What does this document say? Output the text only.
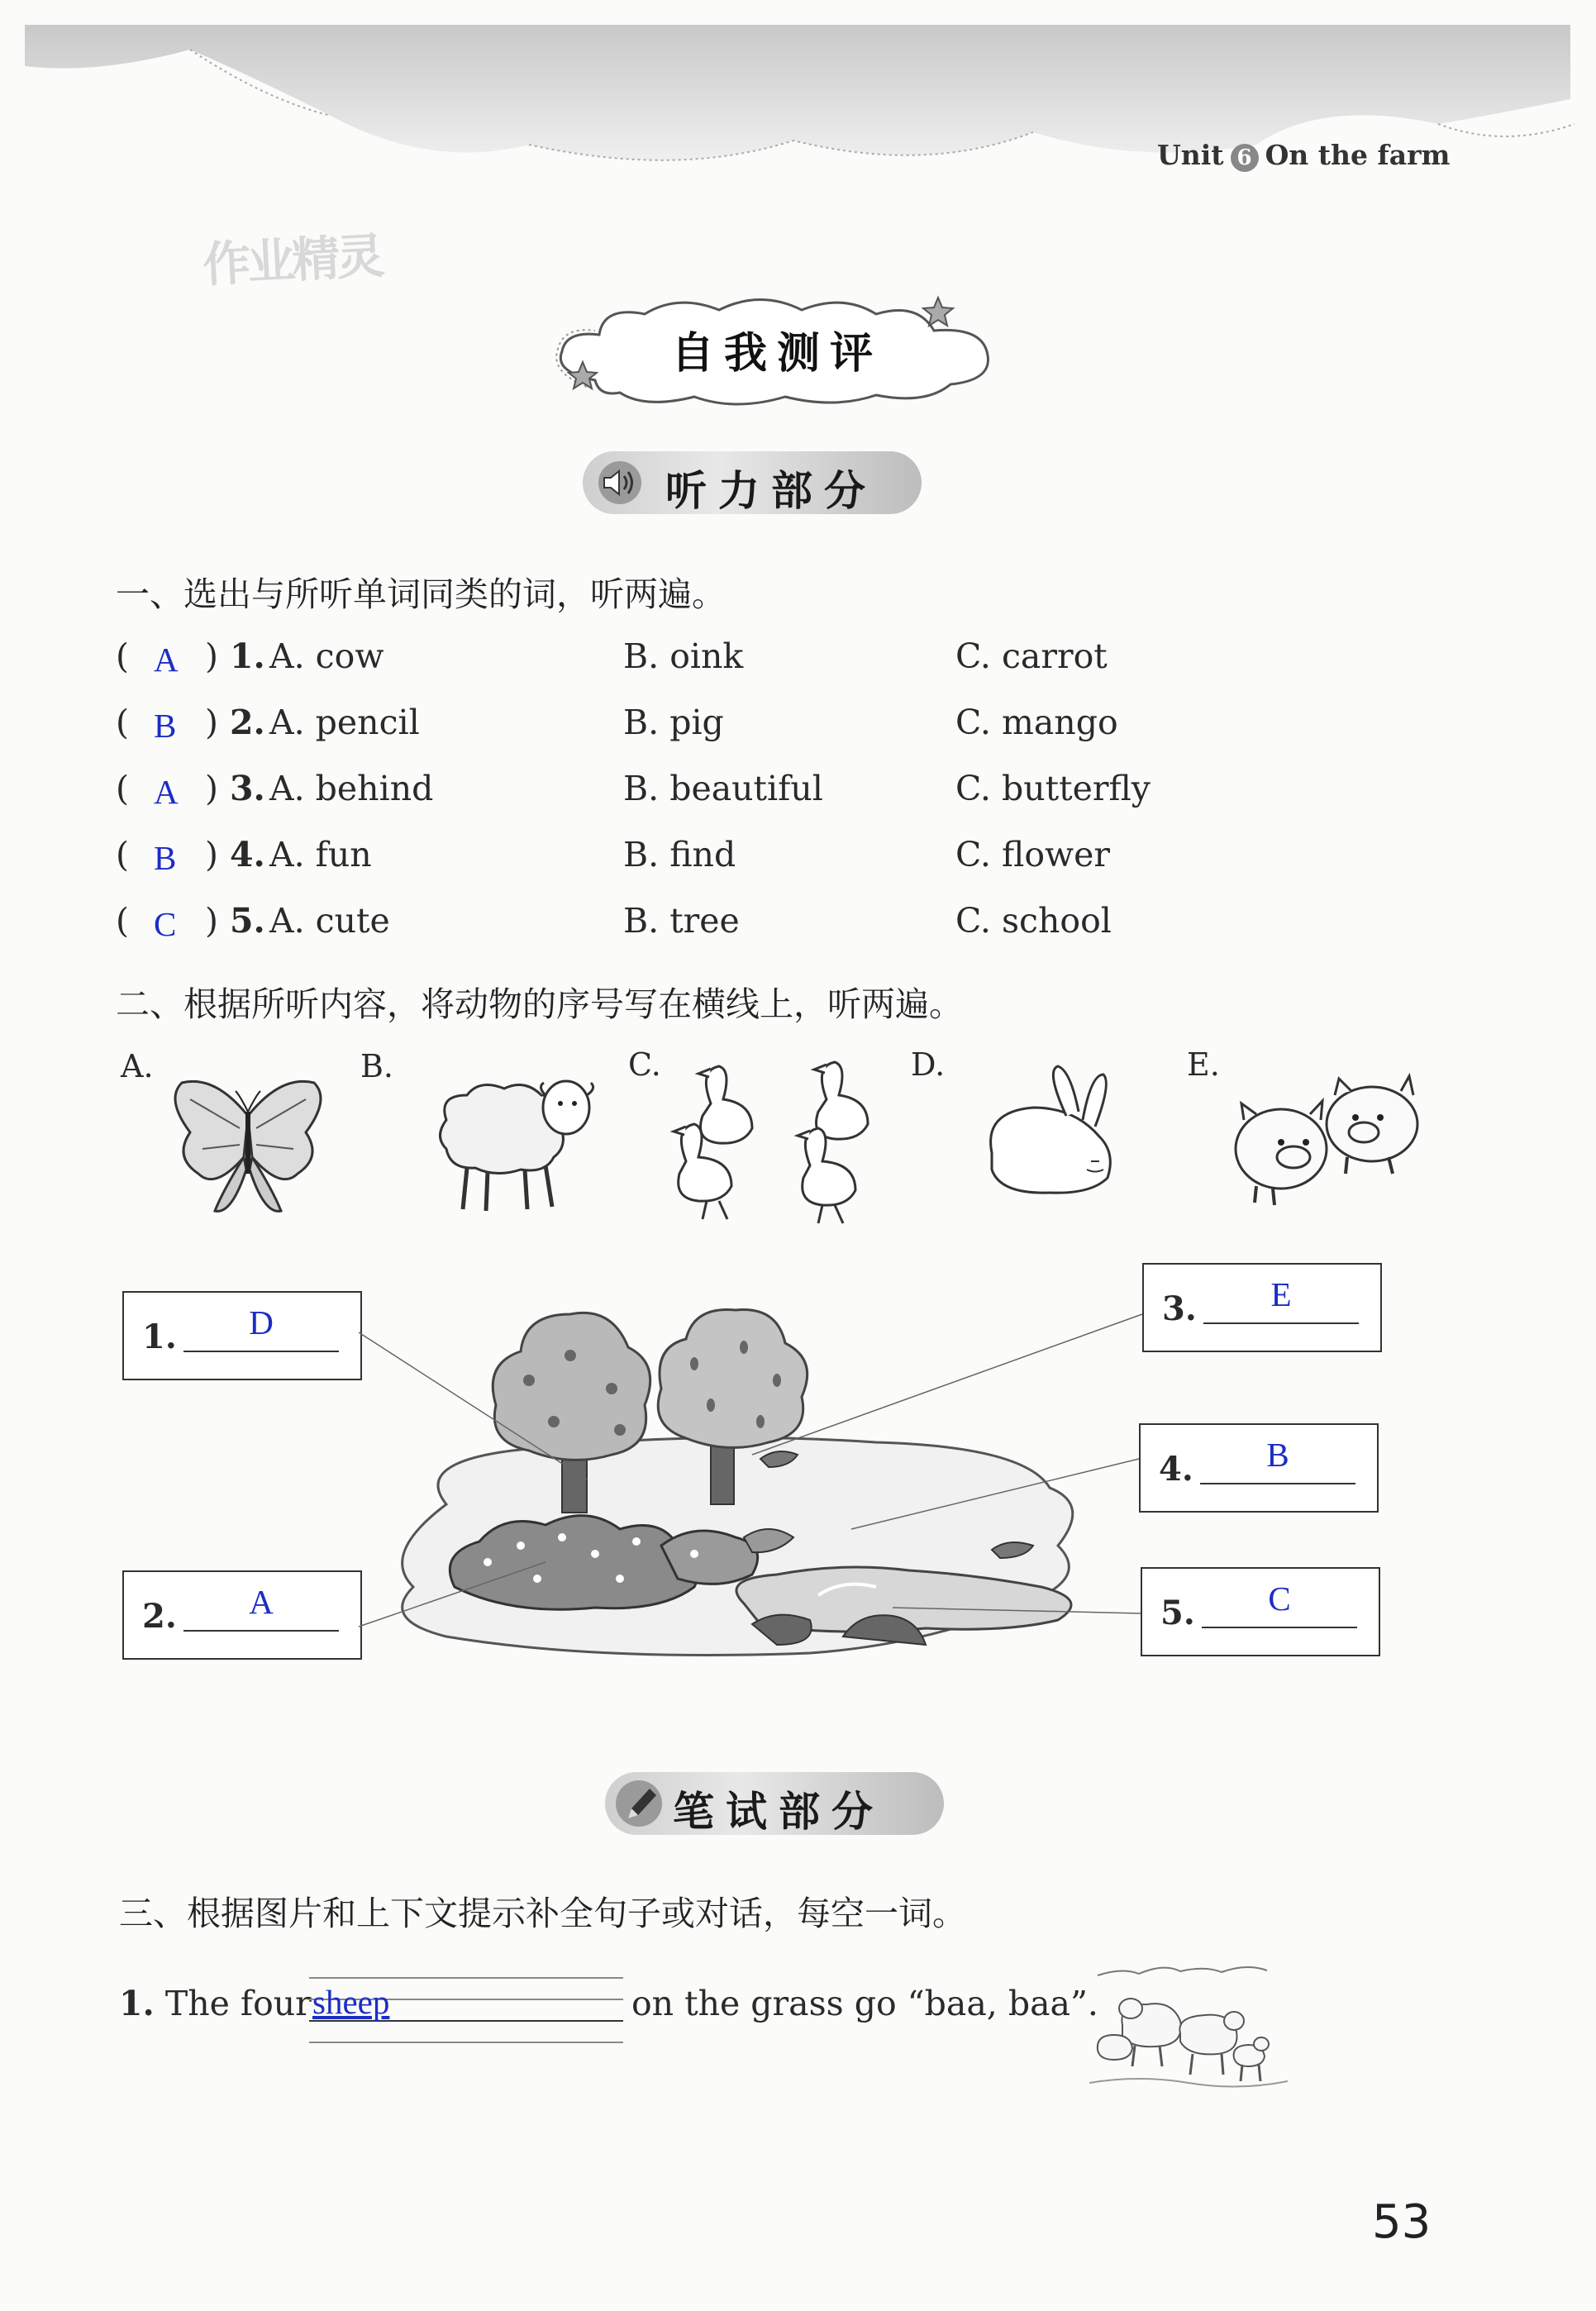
Unit 6 On the farm
作业精灵
自我测评
听力部分
一、选出与所听单词同类的词，听两遍。
( )
A 1. A. cow	B. oink	C. carrot
( )
B 2. A. pencil	B. pig	C. mango
( )
A 3. A. behind	B. beautiful	C. butterfly
( )
B 4. A. fun	B. find	C. flower
( )
C 5. A. cute	B. tree	C. school
二、根据所听内容，将动物的序号写在横线上，听两遍。
A.	B.	C.	D.	E.
1.	D
2.	A
3.	E
4.	B
5.	C
笔试部分
三、根据图片和上下文提示补全句子或对话，每空一词。
1. The four sheep	on the grass go “baa, baa”.
53
